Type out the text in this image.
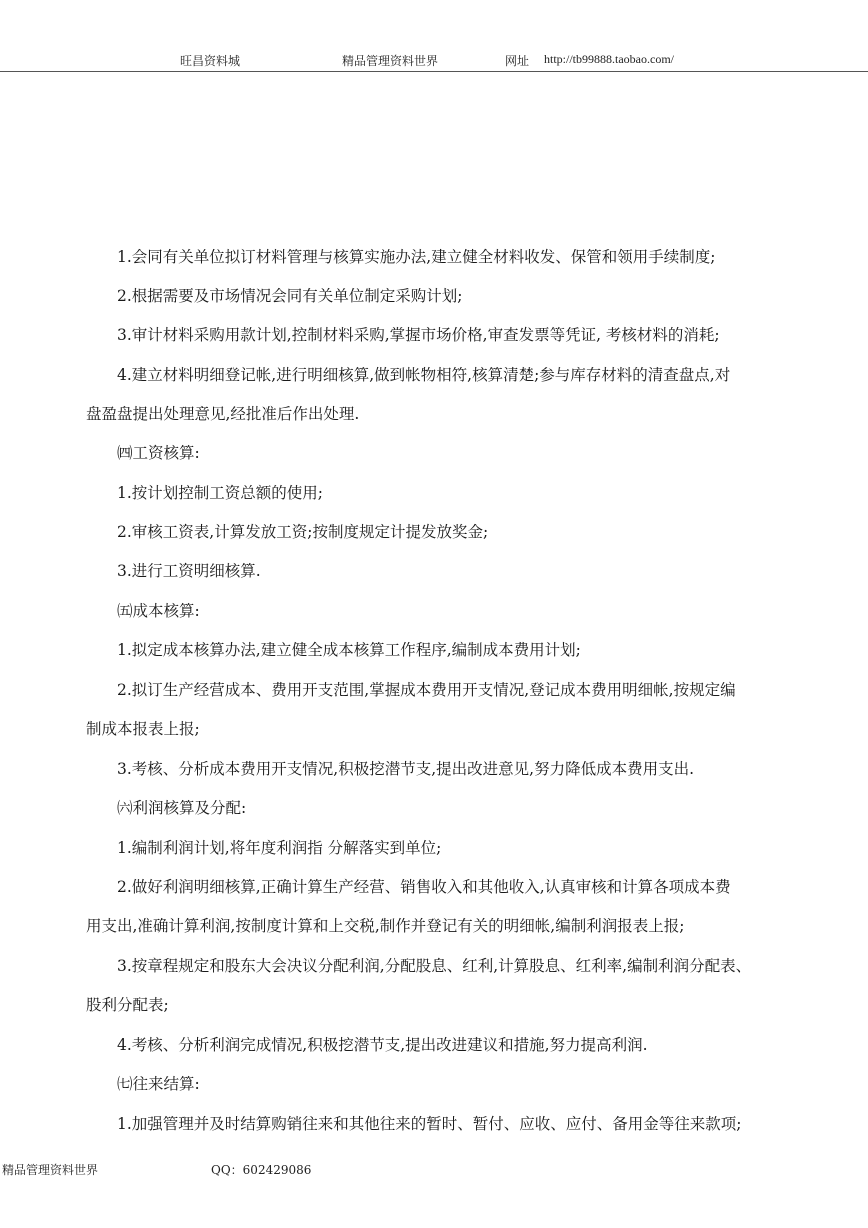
旺昌资料城	精品管理资料世界	网址 http://tb99888.taobao.com/
1.会同有关单位拟订材料管理与核算实施办法,建立健全材料收发、保管和领用手续制度;
2.根据需要及市场情况会同有关单位制定采购计划;
3.审计材料采购用款计划,控制材料采购,掌握市场价格,审查发票等凭证, 考核材料的消耗;
4.建立材料明细登记帐,进行明细核算,做到帐物相符,核算清楚;参与库存材料的清查盘点,对
盘盈盘提出处理意见,经批准后作出处理.
㈣工资核算:
1.按计划控制工资总额的使用;
2.审核工资表,计算发放工资;按制度规定计提发放奖金;
3.进行工资明细核算.
㈤成本核算:
1.拟定成本核算办法,建立健全成本核算工作程序,编制成本费用计划;
2.拟订生产经营成本、费用开支范围,掌握成本费用开支情况,登记成本费用明细帐,按规定编
制成本报表上报;
3.考核、分析成本费用开支情况,积极挖潜节支,提出改进意见,努力降低成本费用支出.
㈥利润核算及分配:
1.编制利润计划,将年度利润指 分解落实到单位;
2.做好利润明细核算,正确计算生产经营、销售收入和其他收入,认真审核和计算各项成本费
用支出,准确计算利润,按制度计算和上交税,制作并登记有关的明细帐,编制利润报表上报;
3.按章程规定和股东大会决议分配利润,分配股息、红利,计算股息、红利率,编制利润分配表、
股利分配表;
4.考核、分析利润完成情况,积极挖潜节支,提出改进建议和措施,努力提高利润.
㈦往来结算:
1.加强管理并及时结算购销往来和其他往来的暂时、暂付、应收、应付、备用金等往来款项;
精品管理资料世界	QQ：602429086
